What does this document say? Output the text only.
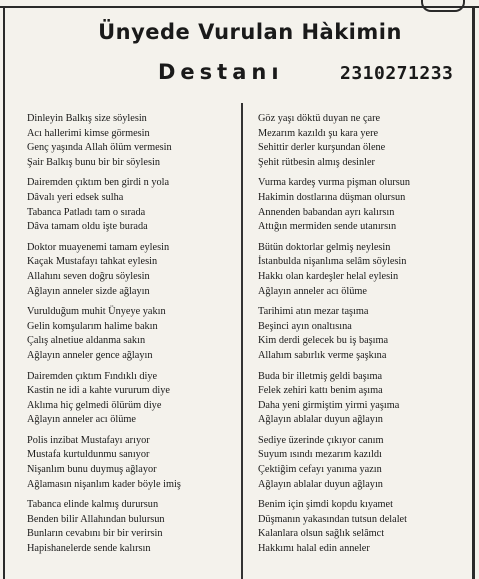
Ünyede Vurulan Hàkimin
Destanı	2310271233
Dinleyin Balkış size söylesin
Acı hallerimi kimse görmesin
Genç yaşında Allah ölüm vermesin
Şair Balkış bunu bir bir söylesin
Dairemden çıktım ben girdi n yola
Dâvalı yeri edsek sulha
Tabanca Patladı tam o sırada
Dâva tamam oldu işte burada
Doktor muayenemi tamam eylesin
Kaçak Mustafayı tahkat eylesin
Allahını seven doğru söylesin
Ağlayın anneler sizde ağlayın
Vurulduğum muhit Ünyeye yakın
Gelin komşularım halime bakın
Çalış alnetiue aldanma sakın
Ağlayın anneler gence ağlayın
Dairemden çıktım Fındıklı diye
Kastin ne idi a kahte vururum diye
Aklıma hiç gelmedi ölürüm diye
Ağlayın anneler acı ölüme
Polis inzibat Mustafayı arıyor
Mustafa kurtuldunmu sanıyor
Nişanlım bunu duymuş ağlayor
Ağlamasın nişanlım kader böyle imiş
Tabanca elinde kalmış durursun
Benden bilir Allahından bulursun
Bunların cevabını bir bir verirsin
Hapishanelerde sende kalırsın
Göz yaşı döktü duyan ne çare
Mezarım kazıldı şu kara yere
Sehittir derler kurşundan ölene
Şehit rütbesin almış desinler
Vurma kardeş vurma pişman olursun
Hakimin dostlarına düşman olursun
Annenden babandan ayrı kalırsın
Attığın mermiden sende utanırsın
Bütün doktorlar gelmiş neylesin
İstanbulda nişanlıma selâm söylesin
Hakkı olan kardeşler helal eylesin
Ağlayın anneler acı ölüme
Tarihimi atın mezar taşıma
Beşinci ayın onaltısına
Kim derdi gelecek bu iş başıma
Allahım sabırlık verme şaşkına
Buda bir illetmiş geldi başıma
Felek zehiri kattı benim aşıma
Daha yeni girmiştim yirmi yaşıma
Ağlayın ablalar duyun ağlayın
Sediye üzerinde çıkıyor canım
Suyum ısındı mezarım kazıldı
Çektiğim cefayı yanıma yazın
Ağlayın ablalar duyun ağlayın
Benim için şimdi kopdu kıyamet
Düşmanın yakasından tutsun delalet
Kalanlara olsun sağlık selâmct
Hakkımı halal edin anneler
